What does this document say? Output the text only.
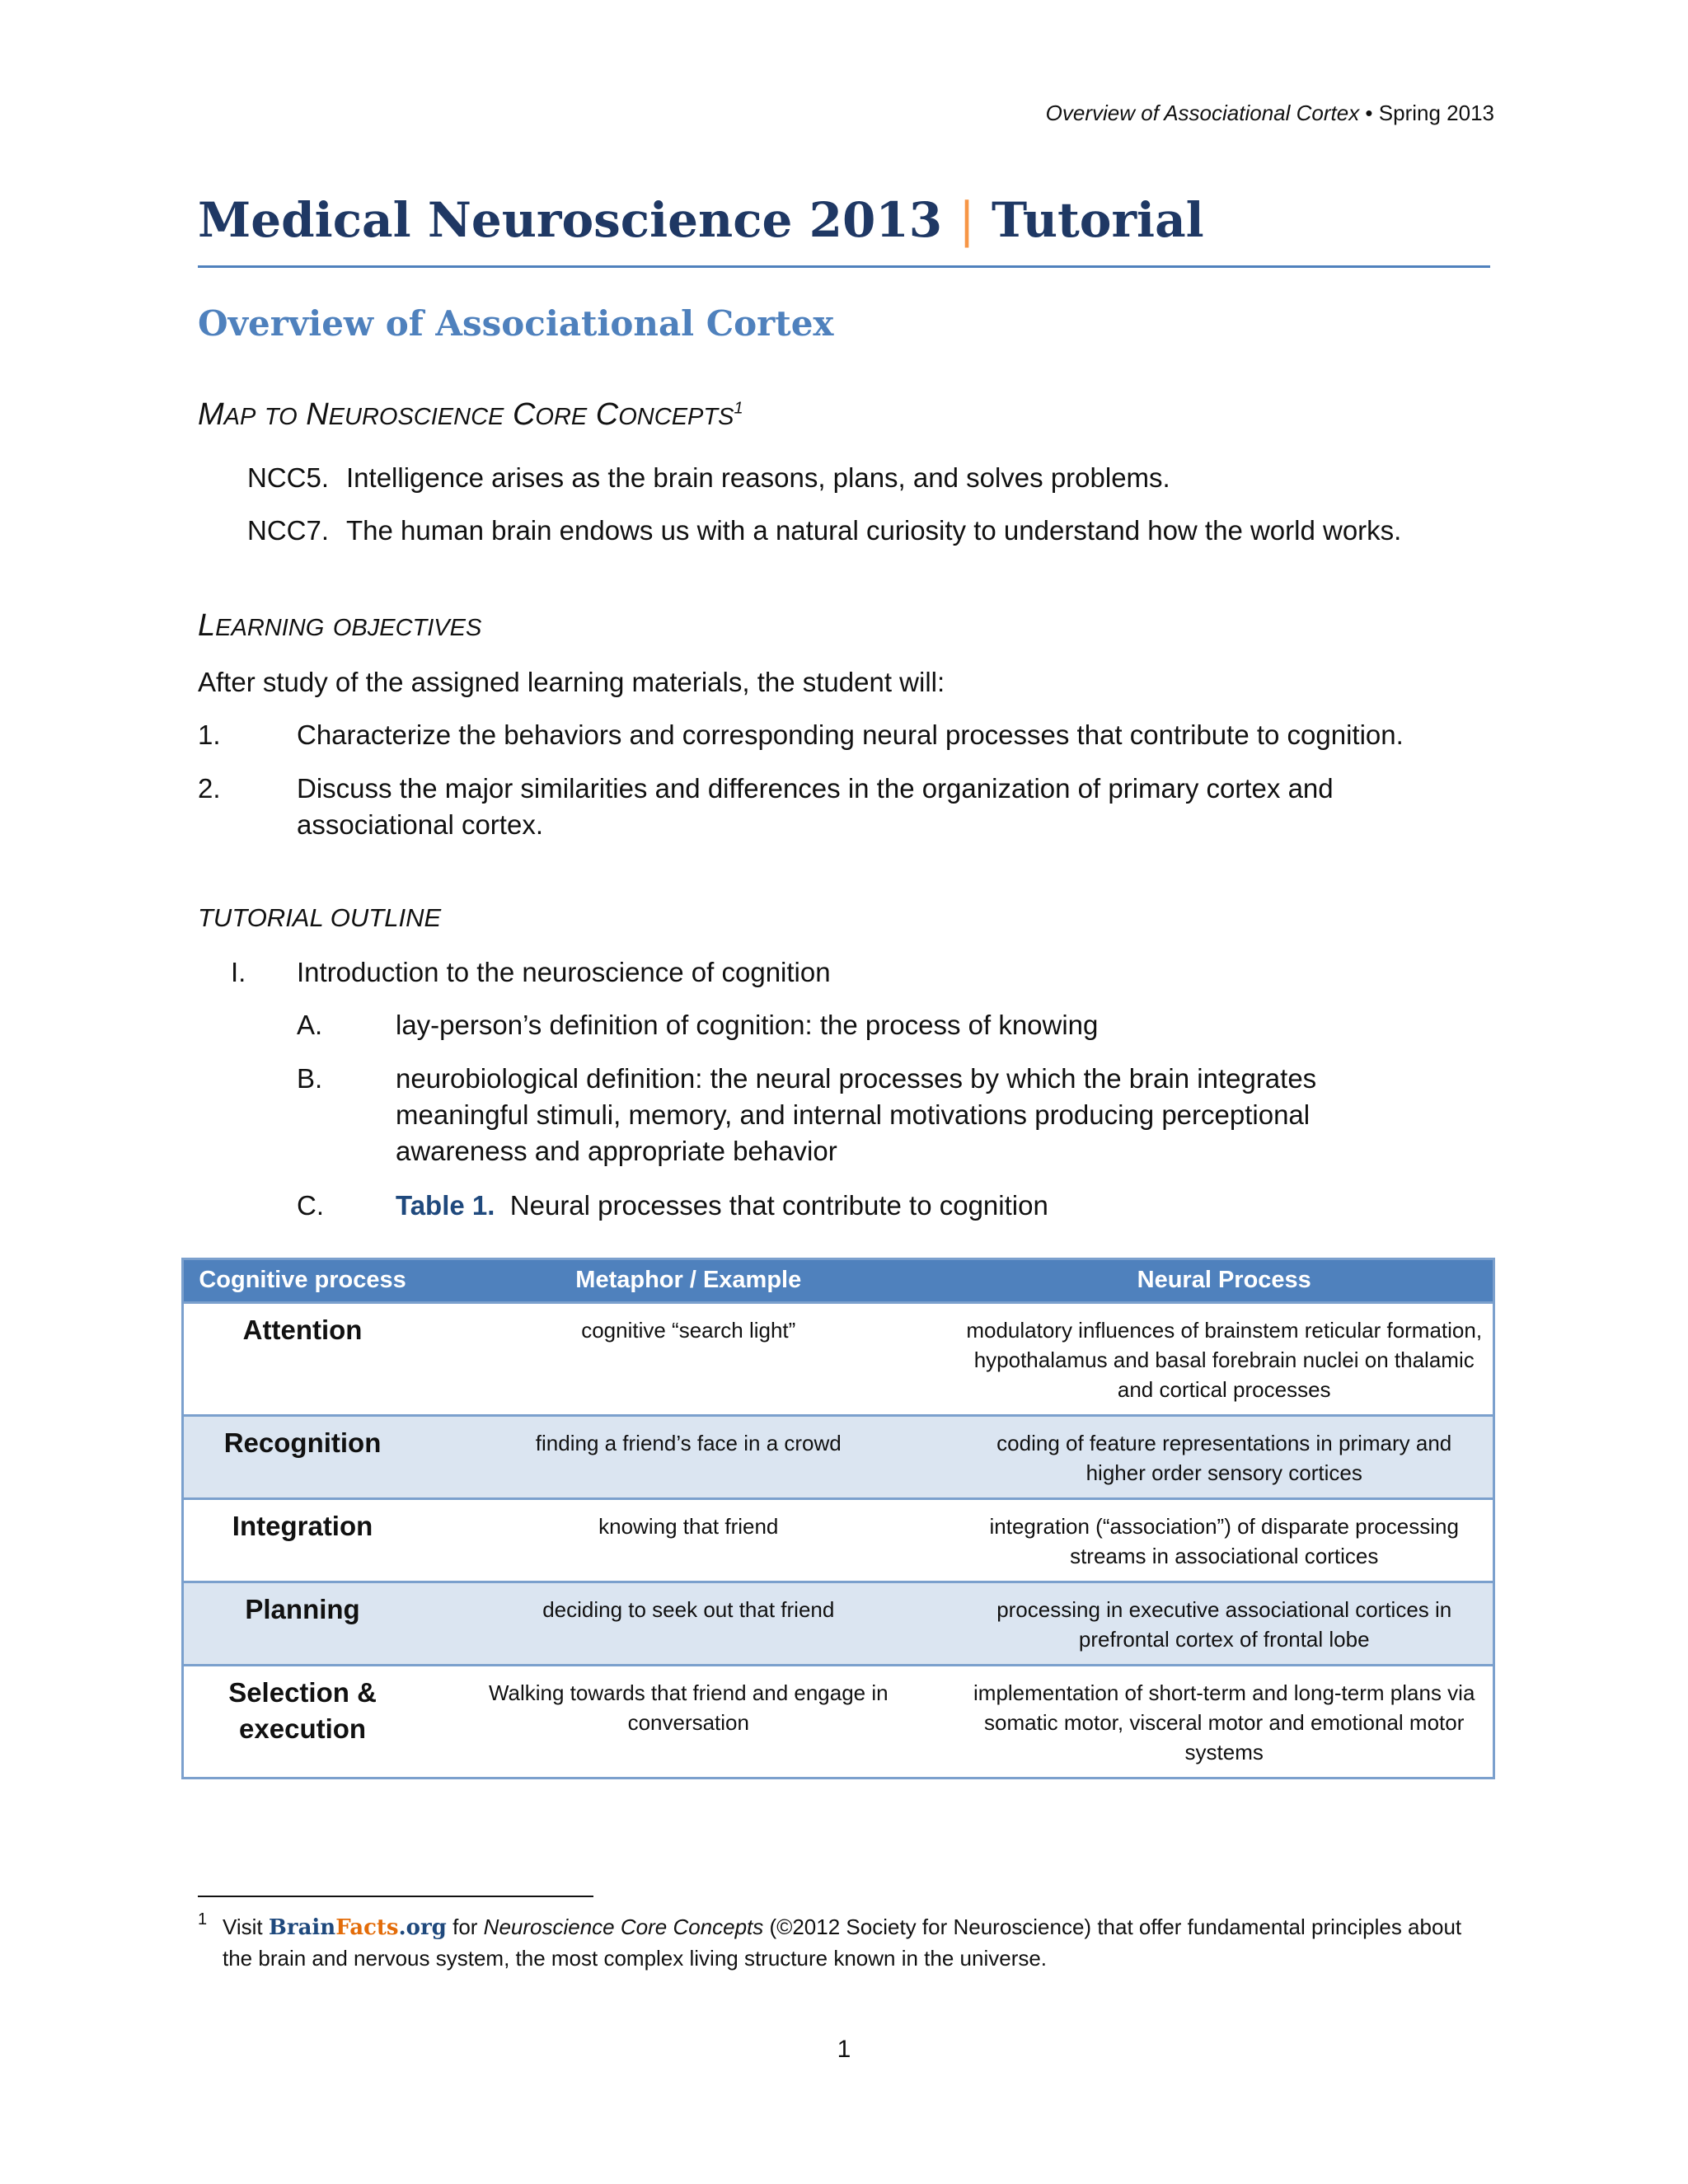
Overview of Associational Cortex • Spring 2013
Medical Neuroscience 2013 | Tutorial
Overview of Associational Cortex
MAP TO NEUROSCIENCE CORE CONCEPTS$^1$
NCC5. Intelligence arises as the brain reasons, plans, and solves problems.
NCC7. The human brain endows us with a natural curiosity to understand how the world works.
LEARNING OBJECTIVES
After study of the assigned learning materials, the student will:
1.	Characterize the behaviors and corresponding neural processes that contribute to cognition.
2.	Discuss the major similarities and differences in the organization of primary cortex and associational cortex.
TUTORIAL OUTLINE
I. Introduction to the neuroscience of cognition
A.	lay-person’s definition of cognition: the process of knowing
B.	neurobiological definition: the neural processes by which the brain integrates meaningful stimuli, memory, and internal motivations producing perceptional awareness and appropriate behavior
C.	Table 1. Neural processes that contribute to cognition
Cognitive process	Metaphor / Example	Neural Process
Attention	cognitive “search light”	modulatory influences of brainstem reticular formation, hypothalamus and basal forebrain nuclei on thalamic and cortical processes
Recognition	finding a friend’s face in a crowd	coding of feature representations in primary and higher order sensory cortices
Integration	knowing that friend	integration (“association”) of disparate processing streams in associational cortices
Planning	deciding to seek out that friend	processing in executive associational cortices in prefrontal cortex of frontal lobe
Selection & execution	Walking towards that friend and engage in conversation	implementation of short-term and long-term plans via somatic motor, visceral motor and emotional motor systems
1 Visit BrainFacts.org for Neuroscience Core Concepts (©2012 Society for Neuroscience) that offer fundamental principles about the brain and nervous system, the most complex living structure known in the universe.
1
